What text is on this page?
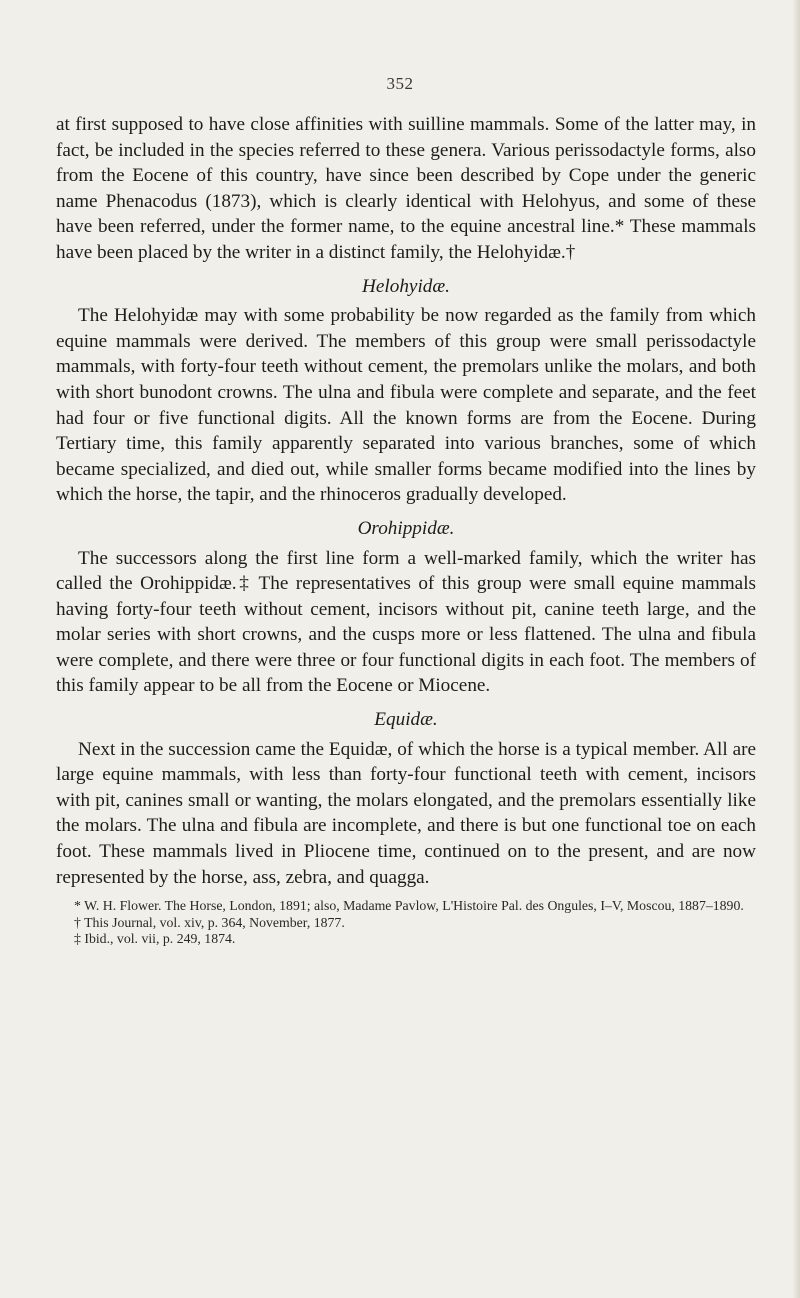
352

at first supposed to have close affinities with suilline mammals. Some of the latter may, in fact, be included in the species referred to these genera. Various perissodactyle forms, also from the Eocene of this country, have since been described by Cope under the generic name Phenacodus (1873), which is clearly identical with Helohyus, and some of these have been referred, under the former name, to the equine ancestral line.* These mammals have been placed by the writer in a distinct family, the Helohyidæ.†

Helohyidæ.

The Helohyidæ may with some probability be now regarded as the family from which equine mammals were derived. The members of this group were small perissodactyle mammals, with forty-four teeth without cement, the premolars unlike the molars, and both with short bunodont crowns. The ulna and fibula were complete and separate, and the feet had four or five functional digits. All the known forms are from the Eocene. During Tertiary time, this family apparently separated into various branches, some of which became specialized, and died out, while smaller forms became modified into the lines by which the horse, the tapir, and the rhinoceros gradually developed.

Orohippidæ.

The successors along the first line form a well-marked family, which the writer has called the Orohippidæ.‡ The representatives of this group were small equine mammals having forty-four teeth without cement, incisors without pit, canine teeth large, and the molar series with short crowns, and the cusps more or less flattened. The ulna and fibula were complete, and there were three or four functional digits in each foot. The members of this family appear to be all from the Eocene or Miocene.

Equidæ.

Next in the succession came the Equidæ, of which the horse is a typical member. All are large equine mammals, with less than forty-four functional teeth with cement, incisors with pit, canines small or wanting, the molars elongated, and the premolars essentially like the molars. The ulna and fibula are incomplete, and there is but one functional toe on each foot. These mammals lived in Pliocene time, continued on to the present, and are now represented by the horse, ass, zebra, and quagga.

* W. H. Flower. The Horse, London, 1891; also, Madame Pavlow, L'Histoire Pal. des Ongules, I–V, Moscou, 1887–1890.

† This Journal, vol. xiv, p. 364, November, 1877.

‡ Ibid., vol. vii, p. 249, 1874.
